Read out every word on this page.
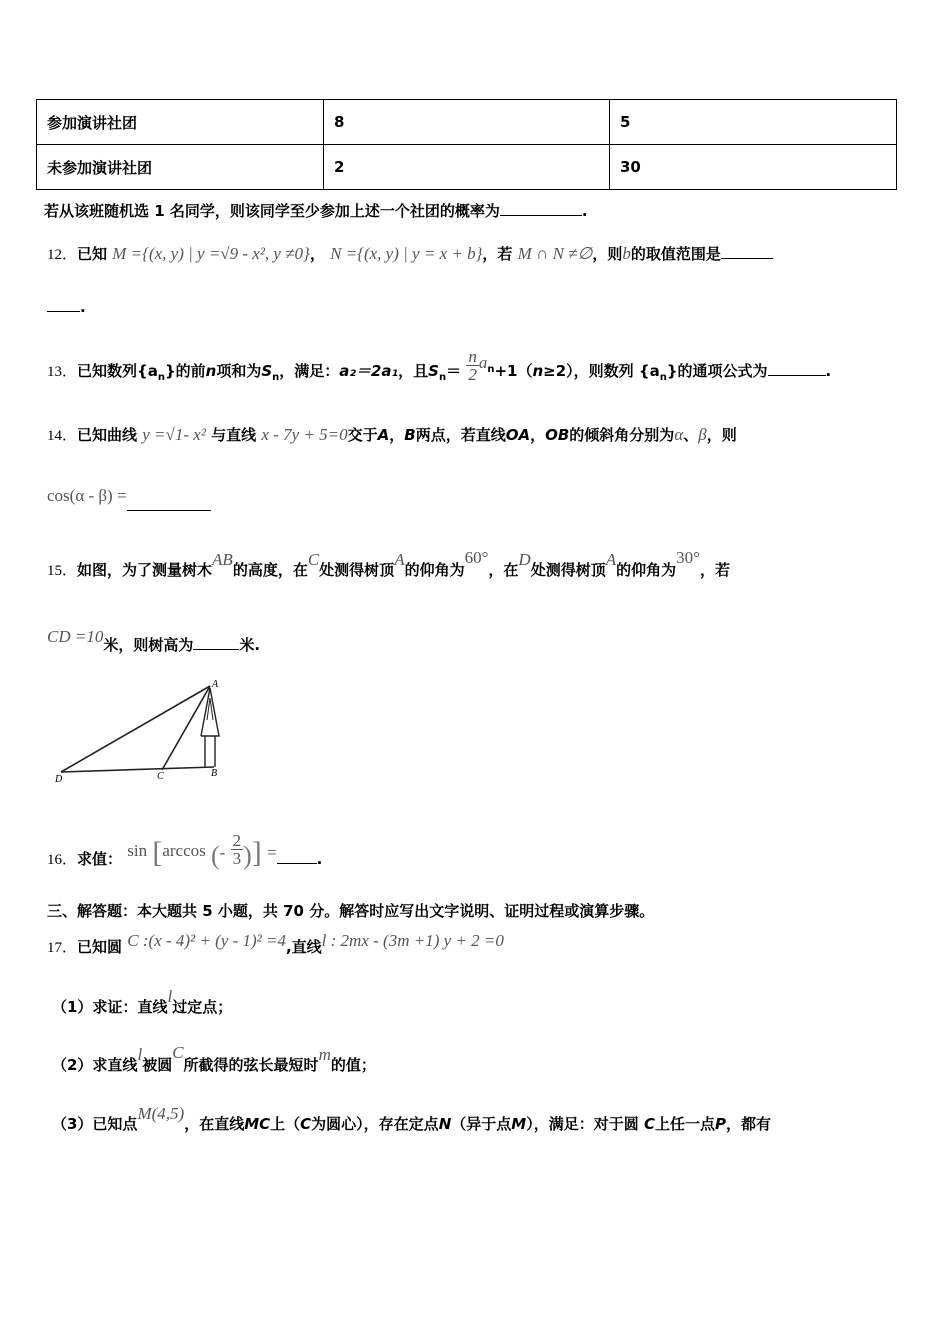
参加演讲社团	8	5
未参加演讲社团	2	30
若从该班随机选 1 名同学，则该同学至少参加上述一个社团的概率为	.
12．已知 M ={(x, y) | y =√9 - x², y ≠0}， N ={(x, y) | y = x + b}，若 M ∩ N ≠∅，则b的取值范围是
.
13．已知数列$\{a_n\}$的前n项和为$S_n$，满足：a₂＝2a₁，且$S_n= \frac{n}{2} a_n+1(n\ge 2)$，则数列 $\{a_n\}$的通项公式为	.
14．已知曲线 y =√1- x² 与直线 x - 7y + 5=0交于A，B两点，若直线OA，OB的倾斜角分别为α、β，则
cos(α - β) =
15．如图，为了测量树木AB的高度，在C处测得树顶A的仰角为60°，在D处测得树顶A的仰角为30°，若
CD =10米，则树高为	米.
A
B
C
D
16．求值： sin [arccos (- $\frac{2}{3}$ )] =	.
三、解答题：本大题共 5 小题，共 70 分。解答时应写出文字说明、证明过程或演算步骤。
17．已知圆 C :(x - 4)² + (y - 1)² =4,直线l : 2mx - (3m +1) y + 2 =0
（1）求证：直线l过定点；
（2）求直线l被圆C所截得的弦长最短时m的值；
（3）已知点M(4,5)，在直线MC上（C为圆心），存在定点N（异于点M），满足：对于圆 C上任一点P，都有
